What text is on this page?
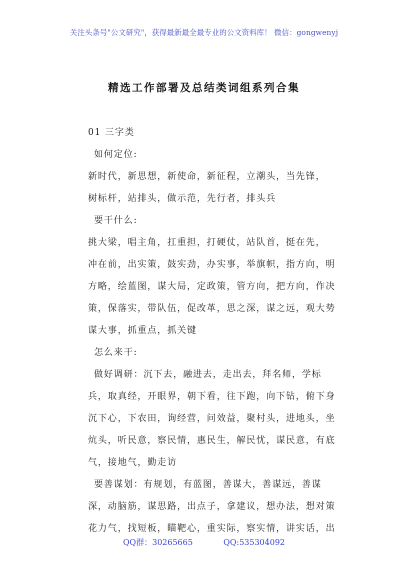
关注头条号"公文研究"，获得最新最全最专业的公文资料库！ 微信：gongwenyj
精选工作部署及总结类词组系列合集

01 三字类

如何定位:

新时代，新思想，新使命，新征程，立潮头，当先锋，

树标杆，站排头，做示范，先行者，排头兵

要干什么:

挑大梁，唱主角，扛重担，打硬仗，站队首，挺在先，

冲在前，出实策，鼓实劲，办实事，举旗帜，指方向，明

方略，绘蓝图，谋大局，定政策，管方向，把方向，作决

策，保落实，带队伍，促改革，思之深，谋之远，观大势

谋大事，抓重点，抓关键

怎么来干:

做好调研：沉下去，融进去，走出去，拜名师，学标

兵，取真经，开眼界，朝下看，往下跑，向下钻，俯下身

沉下心，下农田，询经营，问效益，聚村头，进地头，坐

炕头，听民意，察民情，惠民生，解民忧，谋民意，有底

气，接地气，勤走访

要善谋划：有规划，有蓝图，善谋大，善谋远，善谋

深，动脑筋，谋思路，出点子，拿建议，想办法，想对策

花力气，找短板，瞄靶心，重实际，察实情，讲实话，出

QQ群：30265665	QQ:535304092
